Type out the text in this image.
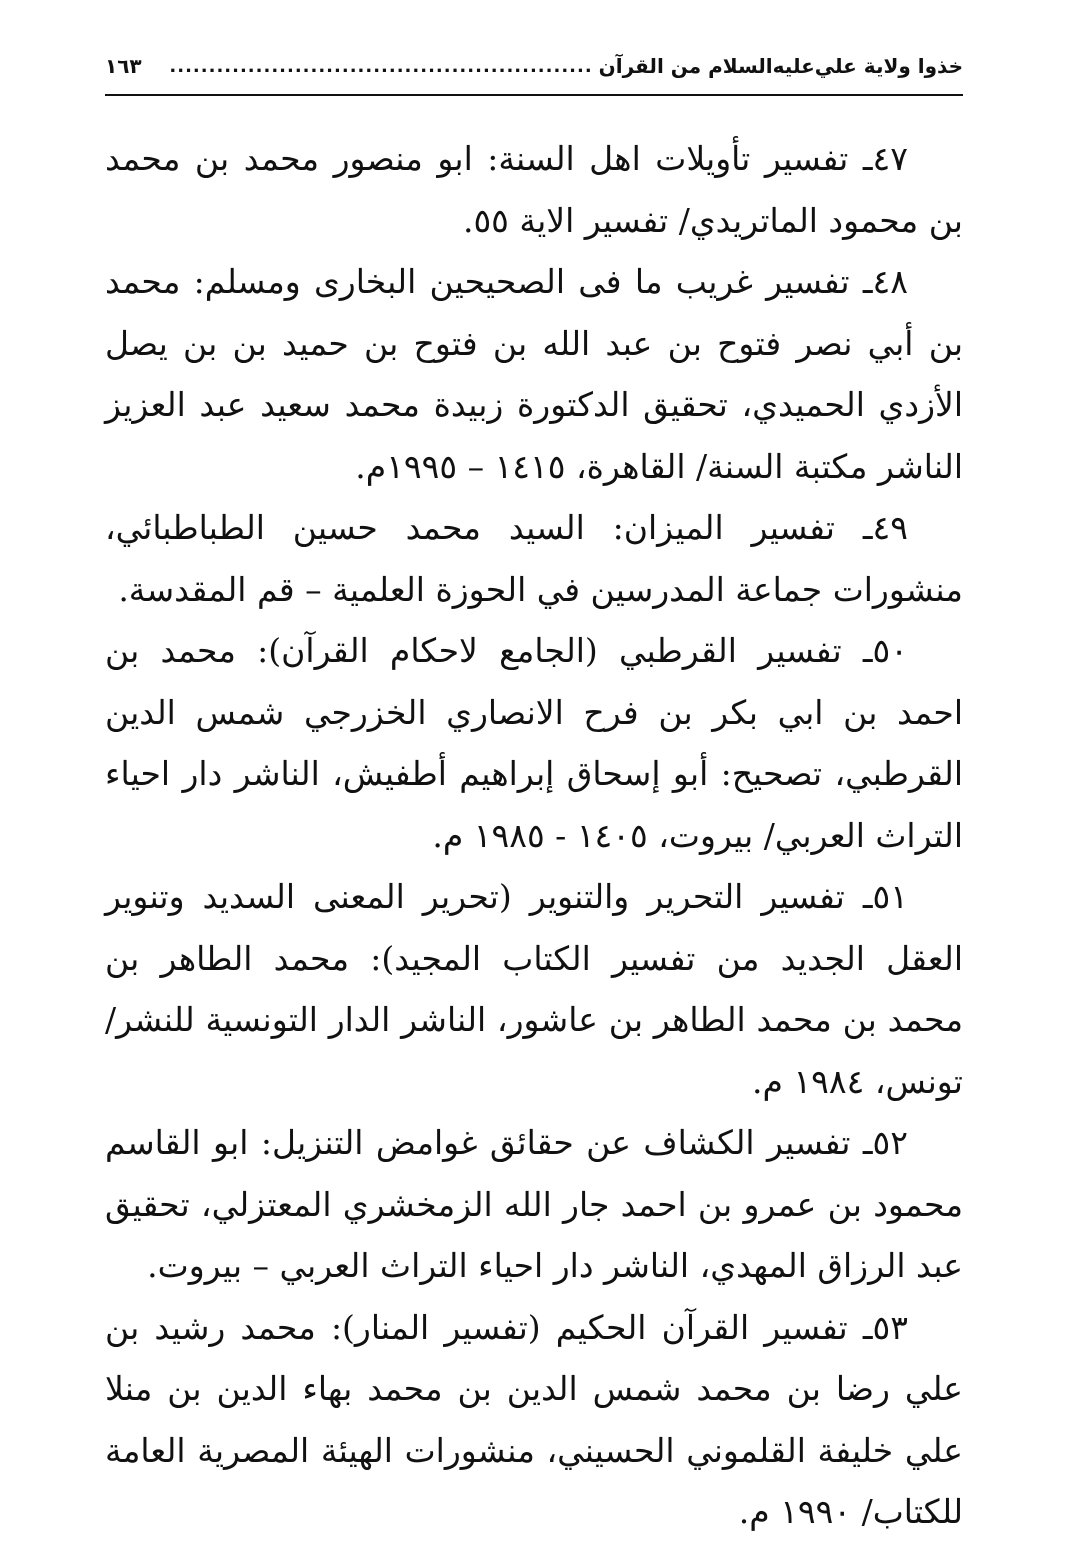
خذوا ولاية علي‌عليه‌السلام من القرآن
......................................................
١٦٣

٤٧ـ تفسير تأويلات اهل السنة: ابو منصور محمد بن محمد بن محمود الماتريدي/ تفسير الاية ٥٥.

٤٨ـ تفسير غريب ما فى الصحيحين البخارى ومسلم: محمد بن أبي نصر فتوح بن عبد الله بن فتوح بن حميد بن بن يصل الأزدي الحميدي، تحقيق الدكتورة زبيدة محمد سعيد عبد العزيز الناشر مكتبة السنة/ القاهرة، ١٤١٥ – ١٩٩٥م.

٤٩ـ تفسير الميزان: السيد محمد حسين الطباطبائي، منشورات جماعة المدرسين في الحوزة العلمية – قم المقدسة.

٥٠ـ تفسير القرطبي (الجامع لاحكام القرآن): محمد بن احمد بن ابي بكر بن فرح الانصاري الخزرجي شمس الدين القرطبي، تصحيح: أبو إسحاق إبراهيم أطفيش، الناشر دار احياء التراث العربي/ بيروت، ١٤٠٥ - ١٩٨٥ م.

٥١ـ تفسير التحرير والتنوير (تحرير المعنى السديد وتنوير العقل الجديد من تفسير الكتاب المجيد): محمد الطاهر بن محمد بن محمد الطاهر بن عاشور، الناشر الدار التونسية للنشر/ تونس، ١٩٨٤ م.

٥٢ـ تفسير الكشاف عن حقائق غوامض التنزيل: ابو القاسم محمود بن عمرو بن احمد جار الله الزمخشري المعتزلي، تحقيق عبد الرزاق المهدي، الناشر دار احياء التراث العربي – بيروت.

٥٣ـ تفسير القرآن الحكيم (تفسير المنار): محمد رشيد بن علي رضا بن محمد شمس الدين بن محمد بهاء الدين بن منلا علي خليفة القلموني الحسيني، منشورات الهيئة المصرية العامة للكتاب/ ١٩٩٠ م.
